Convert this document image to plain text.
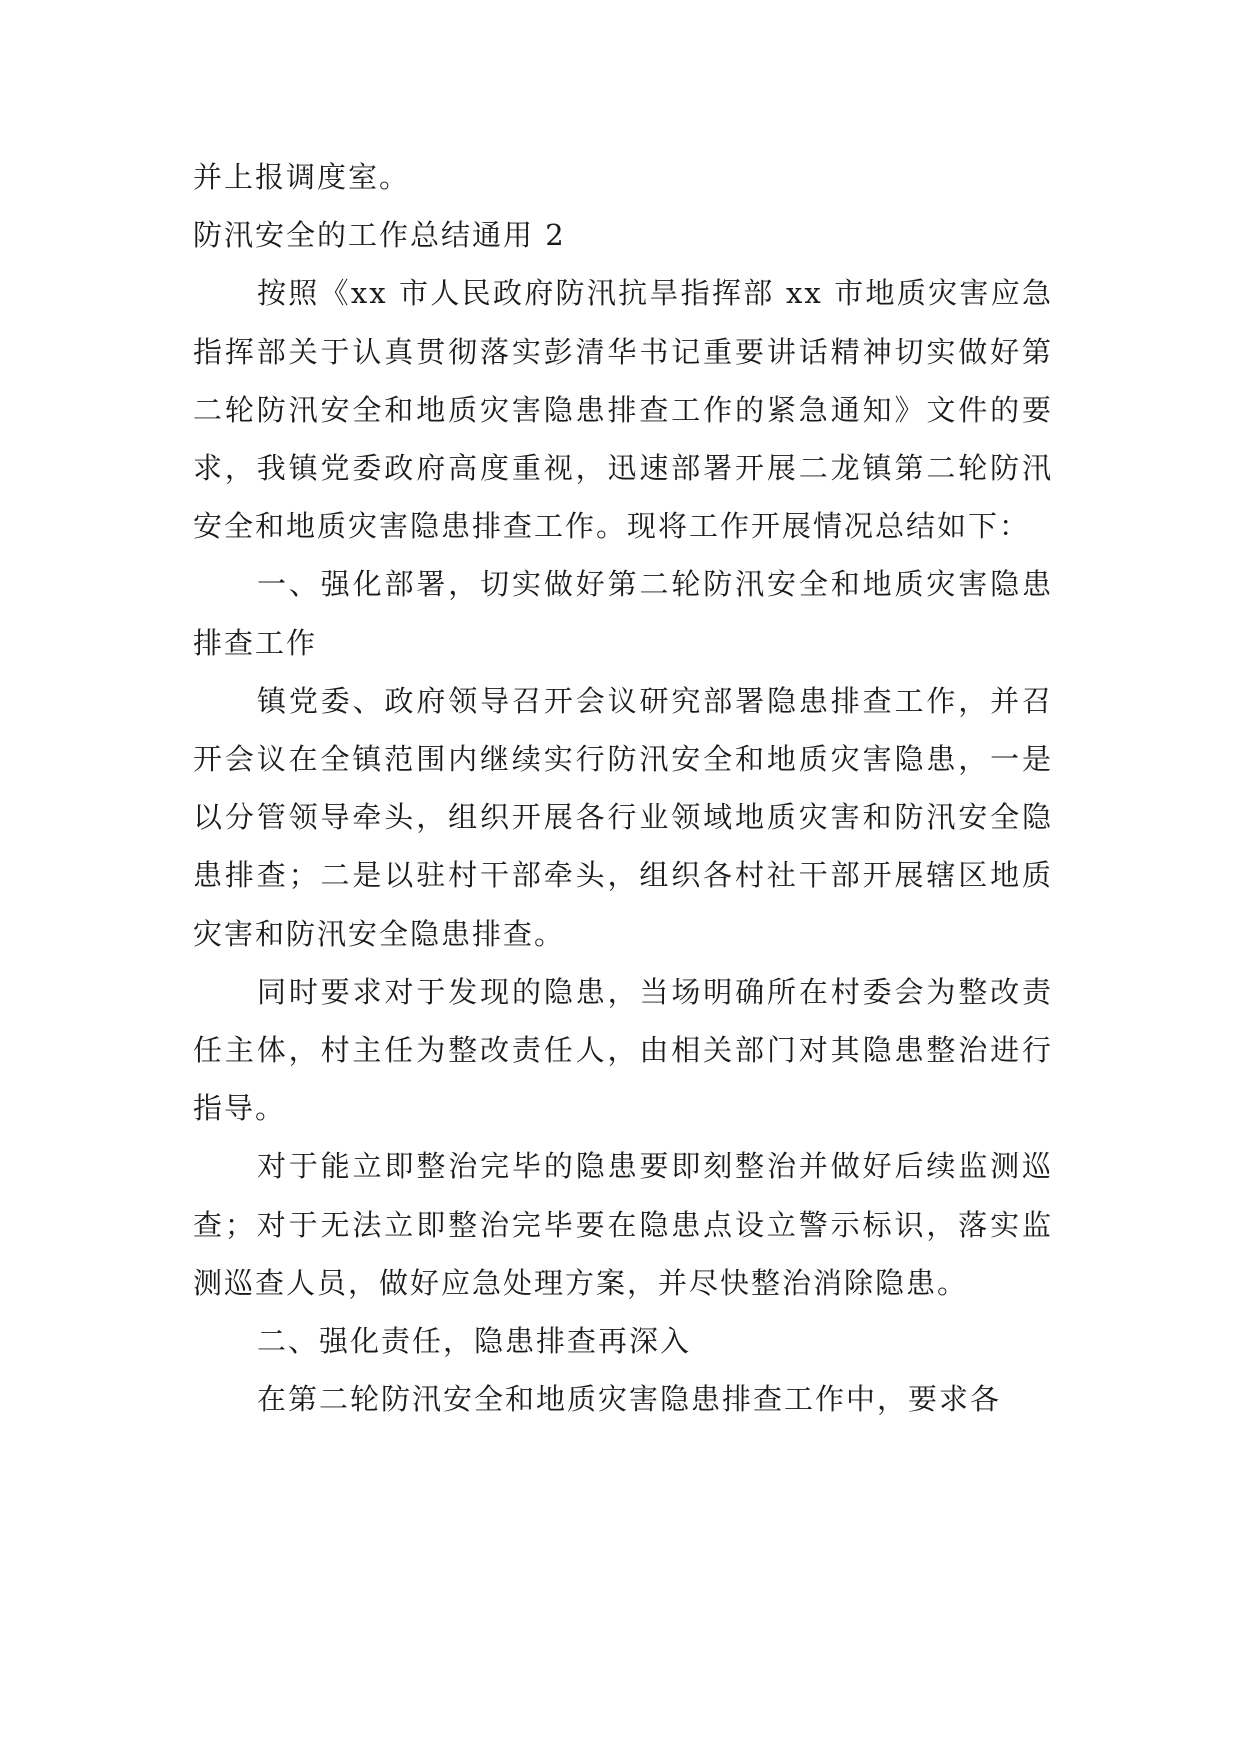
并上报调度室。

防汛安全的工作总结通用 2

按照《xx 市人民政府防汛抗旱指挥部 xx 市地质灾害应急指挥部关于认真贯彻落实彭清华书记重要讲话精神切实做好第二轮防汛安全和地质灾害隐患排查工作的紧急通知》文件的要求，我镇党委政府高度重视，迅速部署开展二龙镇第二轮防汛安全和地质灾害隐患排查工作。现将工作开展情况总结如下：

一、强化部署，切实做好第二轮防汛安全和地质灾害隐患排查工作

镇党委、政府领导召开会议研究部署隐患排查工作，并召开会议在全镇范围内继续实行防汛安全和地质灾害隐患，一是以分管领导牵头，组织开展各行业领域地质灾害和防汛安全隐患排查；二是以驻村干部牵头，组织各村社干部开展辖区地质灾害和防汛安全隐患排查。

同时要求对于发现的隐患，当场明确所在村委会为整改责任主体，村主任为整改责任人，由相关部门对其隐患整治进行指导。

对于能立即整治完毕的隐患要即刻整治并做好后续监测巡查；对于无法立即整治完毕要在隐患点设立警示标识，落实监测巡查人员，做好应急处理方案，并尽快整治消除隐患。

二、强化责任，隐患排查再深入

在第二轮防汛安全和地质灾害隐患排查工作中，要求各
